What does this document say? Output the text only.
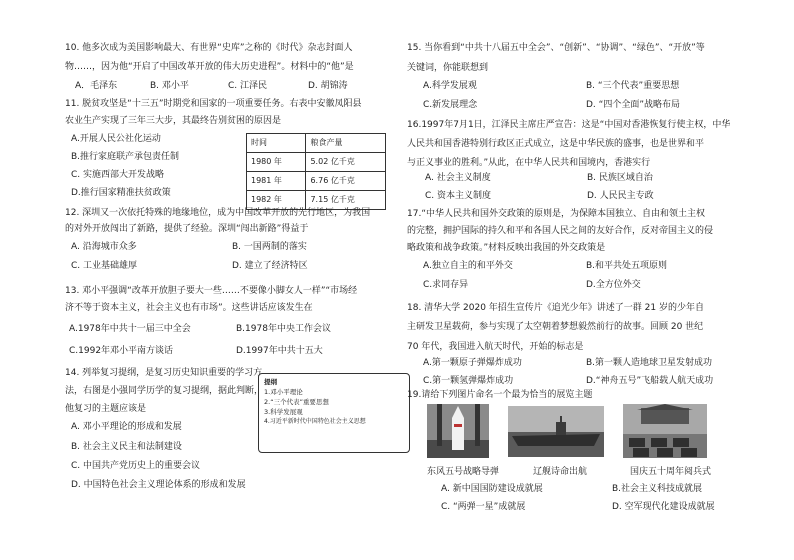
10. 他多次成为美国影响最大、有世界“史库”之称的《时代》杂志封面人
物……，因为他“开启了中国改革开放的伟大历史进程”。材料中的“他”是
A．毛泽东	B. 邓小平	C. 江泽民	D. 胡锦涛
11. 脱贫攻坚是“十三五”时期党和国家的一项重要任务。右表中安徽凤阳县
农业生产实现了三年三大步，其最终告别贫困的原因是
A.开展人民公社化运动
B.推行家庭联产承包责任制
C. 实施西部大开发战略
D.推行国家精准扶贫政策
时间	粮食产量
1980 年	5.02 亿千克
1981 年	6.76 亿千克
1982 年	7.15 亿千克
12. 深圳又一次依托特殊的地缘地位，成为中国改革开放的先行地区，为我国
的对外开放闯出了新路，提供了经验。深圳“闯出新路”得益于
A. 沿海城市众多	B. 一国两制的落实
C. 工业基础雄厚	D. 建立了经济特区
13. 邓小平强调“改革开放胆子要大一些……不要像小脚女人一样”“市场经
济不等于资本主义，社会主义也有市场”。这些讲话应该发生在
A.1978年中共十一届三中全会	B.1978年中央工作会议
C.1992年邓小平南方谈话	D.1997年中共十五大
14. 列举复习提纲，是复习历史知识重要的学习方
法，右图是小强同学历学的复习提纲，据此判断，
他复习的主题应该是
A. 邓小平理论的形成和发展
B. 社会主义民主和法制建设
C. 中国共产党历史上的重要会议
D. 中国特色社会主义理论体系的形成和发展
提纲
1.邓小平理论
2.“三个代表”重要思想
3.科学发展观
4.习近平新时代中国特色社会主义思想
15. 当你看到“中共十八届五中全会”、“创新”、“协调”、“绿色”、“开放”等
关键词，你能联想到
A.科学发展观	B. “三个代表”重要思想
C.新发展理念	D. “四个全面”战略布局
16.1997年7月1日，江泽民主席庄严宣告：这是“中国对香港恢复行使主权，中华
人民共和国香港特别行政区正式成立，这是中华民族的盛事，也是世界和平
与正义事业的胜利。”从此，在中华人民共和国境内，香港实行
A. 社会主义制度	B. 民族区域自治
C. 资本主义制度	D. 人民民主专政
17.“中华人民共和国外交政策的原则是，为保障本国独立、自由和领土主权
的完整，拥护国际的持久和平和各国人民之间的友好合作，反对帝国主义的侵
略政策和战争政策。”材料反映出我国的外交政策是
A.独立自主的和平外交	B.和平共处五项原则
C.求同存异	D.全方位外交
18. 清华大学 2020 年招生宣传片《追光少年》讲述了一群 21 岁的少年自
主研发卫星载荷，参与实现了太空朝着梦想毅然前行的故事。回顾 20 世纪
70 年代，我国进入航天时代，开始的标志是
A.第一颗原子弹爆炸成功	B.第一颗人造地球卫星发射成功
C.第一颗氢弹爆炸成功	D.“神舟五号”飞船载人航天成功
19.请给下列图片命名一个最为恰当的展览主题
东风五号战略导弹	辽舰诗命出航	国庆五十周年阅兵式
A. 新中国国防建设成就展	B.社会主义科技成就展
C. “两弹一星”成就展	D. 空军现代化建设成就展
